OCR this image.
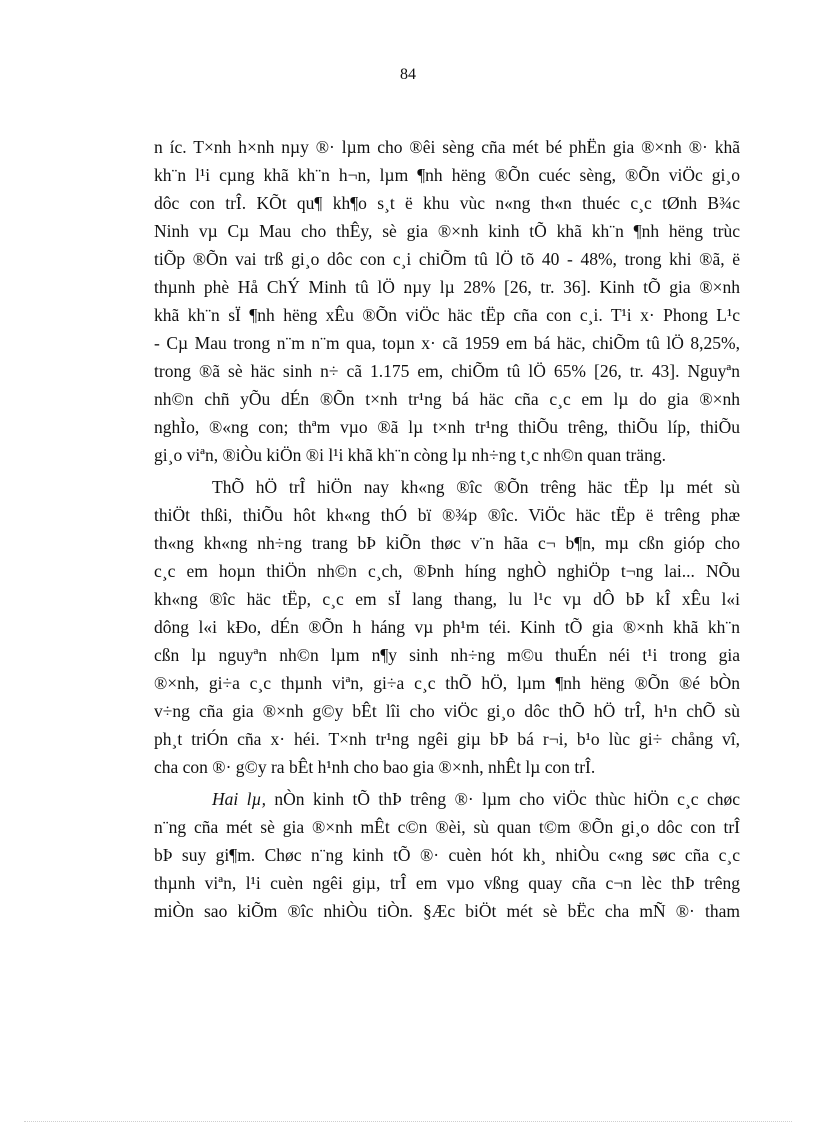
84
n íc. T×nh h×nh nµy ®· lµm cho ®êi sèng cña mét bé phËn gia ®×nh ®· khã
kh¨n l¹i cµng khã kh¨n h¬n, lµm ¶nh hëng ®Õn cuéc sèng, ®Õn viÖc gi¸o
dôc con trÎ. KÕt qu¶ kh¶o s¸t ë khu vùc n«ng th«n thuéc c¸c tØnh B¾c
Ninh vµ Cµ Mau cho thÊy, sè gia ®×nh kinh tÕ khã kh¨n ¶nh hëng trùc
tiÕp ®Õn vai trß gi¸o dôc con c¸i chiÕm tû lÖ tõ 40 - 48%, trong khi ®ã, ë
thµnh phè Hå ChÝ Minh tû lÖ nµy lµ 28% [26, tr. 36]. Kinh tÕ gia ®×nh
khã kh¨n sÏ ¶nh hëng xÊu ®Õn viÖc häc tËp cña con c¸i. T¹i x· Phong L¹c
- Cµ Mau trong n¨m n¨m qua, toµn x· cã 1959 em bá häc, chiÕm tû lÖ 8,25%,
trong ®ã sè häc sinh n÷ cã 1.175 em, chiÕm tû lÖ 65% [26, tr. 43]. Nguyªn
nh©n chñ yÕu dÉn ®Õn t×nh tr¹ng bá häc cña c¸c em lµ do gia ®×nh
nghÌo, ®«ng con; thªm vµo ®ã lµ t×nh tr¹ng thiÕu trêng, thiÕu líp, thiÕu
gi¸o viªn, ®iÒu kiÖn ®i l¹i khã kh¨n còng lµ nh÷ng t¸c nh©n quan träng.
ThÕ hÖ trÎ hiÖn nay kh«ng ®îc ®Õn trêng häc tËp lµ mét sù
thiÖt thßi, thiÕu hôt kh«ng thÓ bï ®¾p ®îc. ViÖc häc tËp ë trêng phæ
th«ng kh«ng nh÷ng trang bÞ kiÕn thøc v¨n hãa c¬ b¶n, mµ cßn gióp cho
c¸c em hoµn thiÖn nh©n c¸ch, ®Þnh híng nghÒ nghiÖp t¬ng lai... NÕu
kh«ng ®îc häc tËp, c¸c em sÏ lang thang, lu l¹c vµ dÔ bÞ kÎ xÊu l«i
dông l«i kÐo, dÉn ®Õn h háng vµ ph¹m téi. Kinh tÕ gia ®×nh khã kh¨n
cßn lµ nguyªn nh©n lµm n¶y sinh nh÷ng m©u thuÉn néi t¹i trong gia
®×nh, gi÷a c¸c thµnh viªn, gi÷a c¸c thÕ hÖ, lµm ¶nh hëng ®Õn ®é bÒn
v÷ng cña gia ®×nh g©y bÊt lîi cho viÖc gi¸o dôc thÕ hÖ trÎ, h¹n chÕ sù
ph¸t triÓn cña x· héi. T×nh tr¹ng ngêi giµ bÞ bá r¬i, b¹o lùc gi÷ chång vî,
cha con ®· g©y ra bÊt h¹nh cho bao gia ®×nh, nhÊt lµ con trÎ.
Hai lµ, nÒn kinh tÕ thÞ trêng ®· lµm cho viÖc thùc hiÖn c¸c chøc
n¨ng cña mét sè gia ®×nh mÊt c©n ®èi, sù quan t©m ®Õn gi¸o dôc con trÎ
bÞ suy gi¶m. Chøc n¨ng kinh tÕ ®· cuèn hót kh¸ nhiÒu c«ng søc cña c¸c
thµnh viªn, l¹i cuèn ngêi giµ, trÎ em vµo vßng quay cña c¬n lèc thÞ trêng
miÒn sao kiÕm ®îc nhiÒu tiÒn. §Æc biÖt mét sè bËc cha mÑ ®· tham
